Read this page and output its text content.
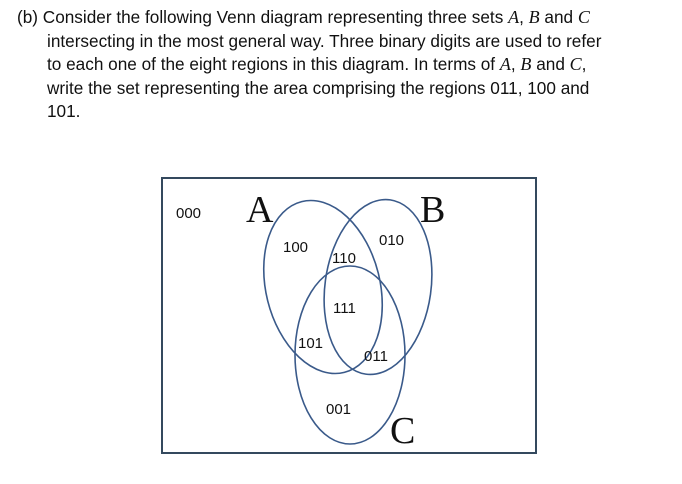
(b) Consider the following Venn diagram representing three sets A, B and C
intersecting in the most general way. Three binary digits are used to refer
to each one of the eight regions in this diagram. In terms of A, B and C,
write the set representing the area comprising the regions 011, 100 and
101.
A	B
C
000
100	010
110
111
101
011
001
